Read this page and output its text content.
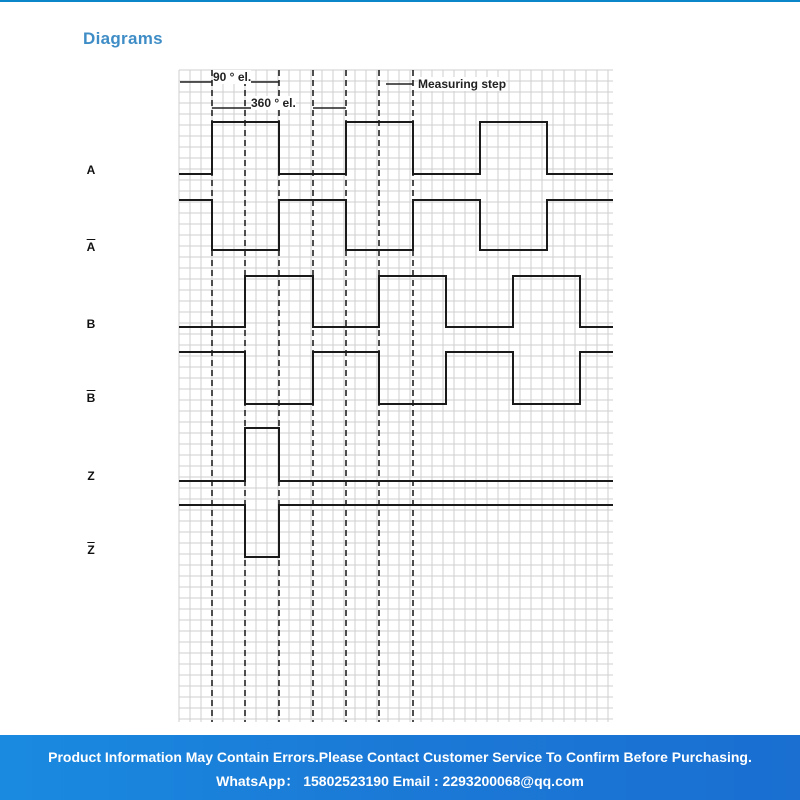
Diagrams
90 ° el.
360 ° el.
Measuring step
A
$\overline{A}$
B
$\overline{B}$
Z
$\overline{Z}$
Product Information May Contain Errors.Please Contact Customer Service To Confirm Before Purchasing.
WhatsApp： 15802523190 Email : 2293200068@qq.com
